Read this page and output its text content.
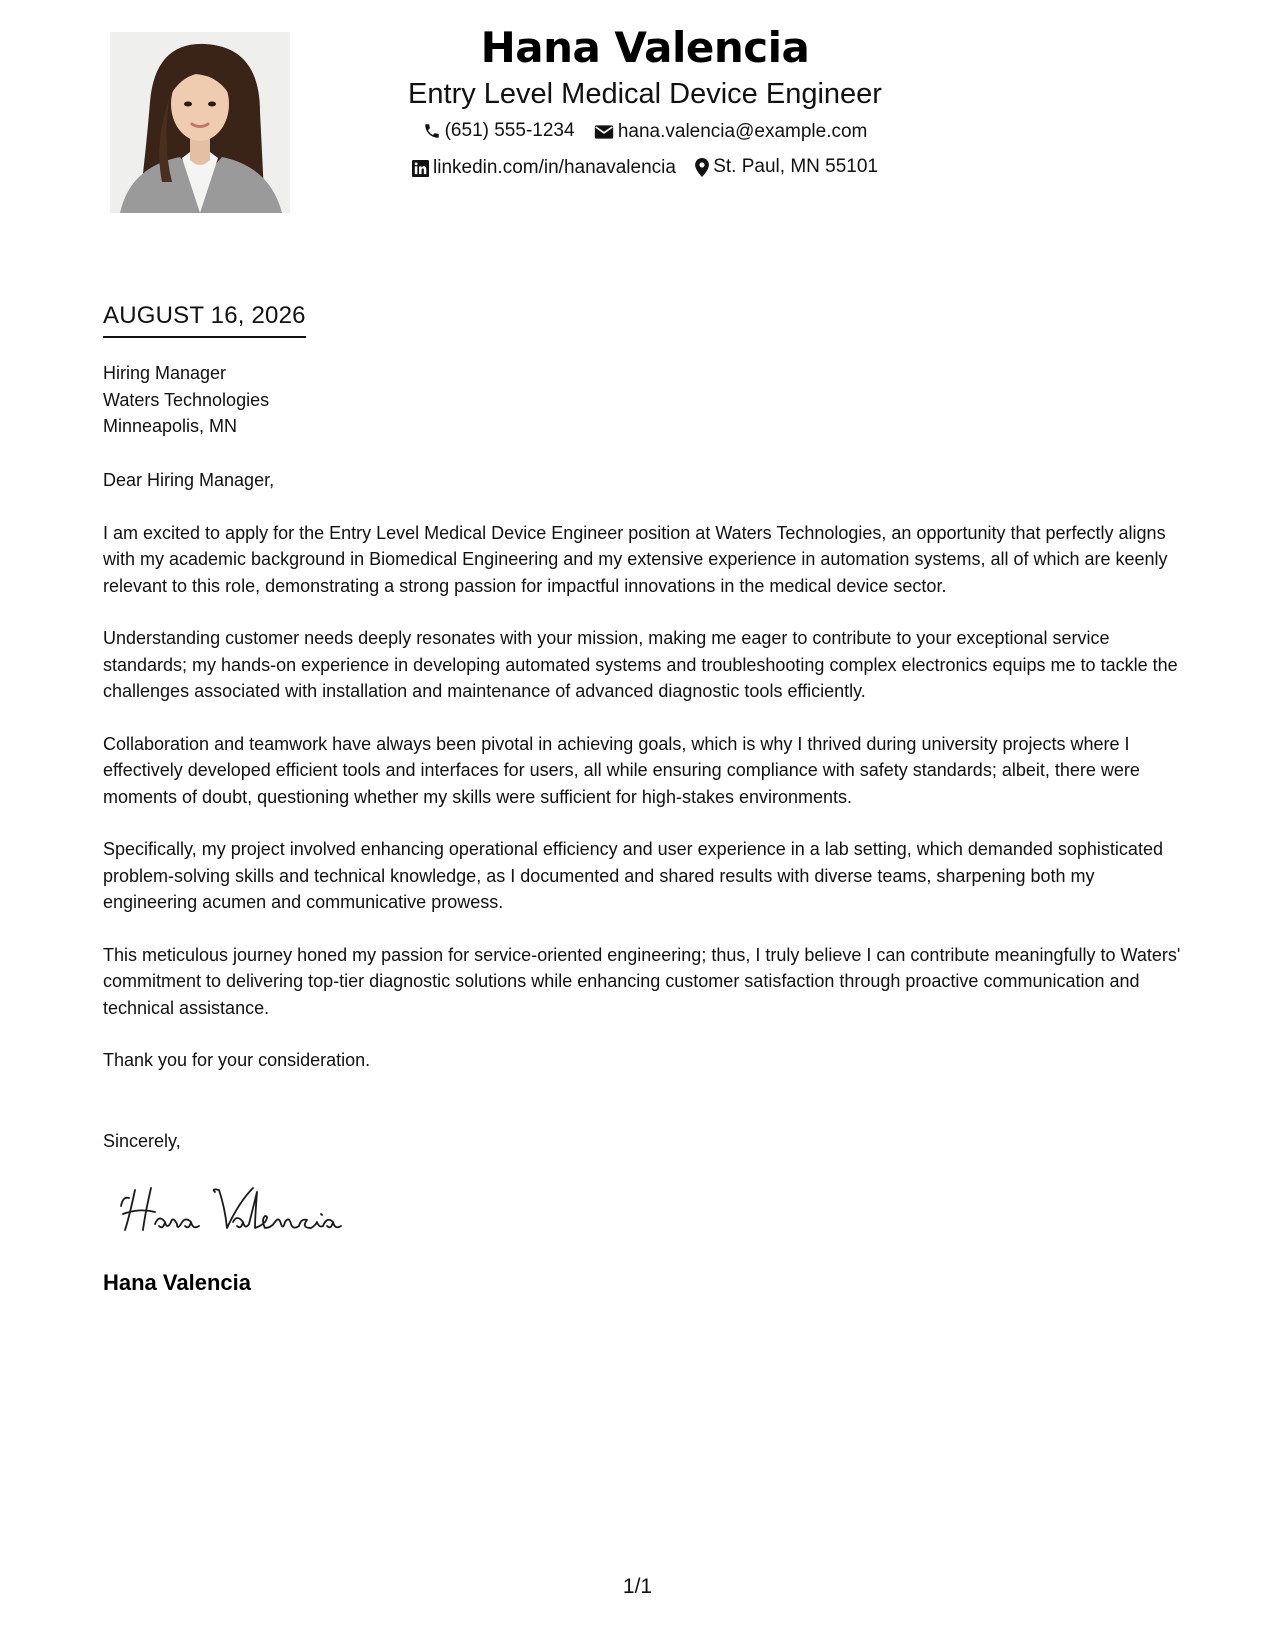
Hana Valencia
Entry Level Medical Device Engineer
(651) 555-1234
hana.valencia@example.com
linkedin.com/in/hanavalencia
St. Paul, MN 55101
AUGUST 16, 2026
Hiring Manager
Waters Technologies
Minneapolis, MN

Dear Hiring Manager,

I am excited to apply for the Entry Level Medical Device Engineer position at Waters Technologies, an opportunity that perfectly aligns with my academic background in Biomedical Engineering and my extensive experience in automation systems, all of which are keenly relevant to this role, demonstrating a strong passion for impactful innovations in the medical device sector.

Understanding customer needs deeply resonates with your mission, making me eager to contribute to your exceptional service standards; my hands-on experience in developing automated systems and troubleshooting complex electronics equips me to tackle the challenges associated with installation and maintenance of advanced diagnostic tools efficiently.

Collaboration and teamwork have always been pivotal in achieving goals, which is why I thrived during university projects where I effectively developed efficient tools and interfaces for users, all while ensuring compliance with safety standards; albeit, there were moments of doubt, questioning whether my skills were sufficient for high-stakes environments.

Specifically, my project involved enhancing operational efficiency and user experience in a lab setting, which demanded sophisticated problem-solving skills and technical knowledge, as I documented and shared results with diverse teams, sharpening both my engineering acumen and communicative prowess.

This meticulous journey honed my passion for service-oriented engineering; thus, I truly believe I can contribute meaningfully to Waters' commitment to delivering top-tier diagnostic solutions while enhancing customer satisfaction through proactive communication and technical assistance.

Thank you for your consideration.

Sincerely,
Hana Valencia
1/1
